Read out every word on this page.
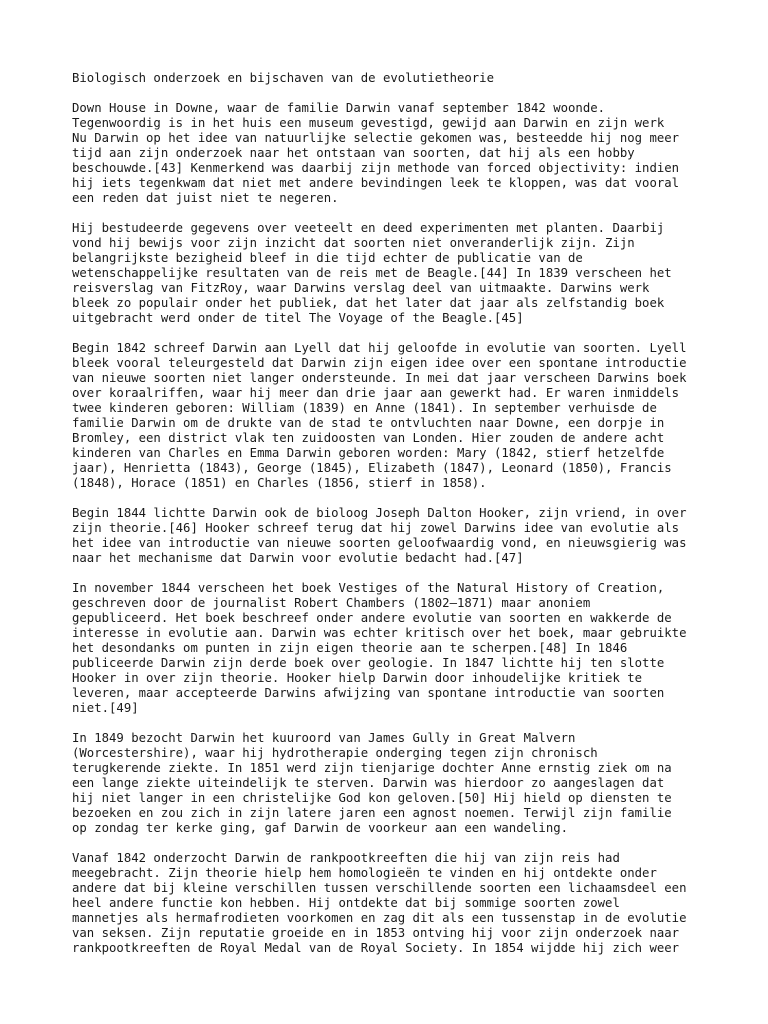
Biologisch onderzoek en bijschaven van de evolutietheorie
Down House in Downe, waar de familie Darwin vanaf september 1842 woonde.
Tegenwoordig is in het huis een museum gevestigd, gewijd aan Darwin en zijn werk
Nu Darwin op het idee van natuurlijke selectie gekomen was, besteedde hij nog meer
tijd aan zijn onderzoek naar het ontstaan van soorten, dat hij als een hobby
beschouwde.[43] Kenmerkend was daarbij zijn methode van forced objectivity: indien
hij iets tegenkwam dat niet met andere bevindingen leek te kloppen, was dat vooral
een reden dat juist niet te negeren.
Hij bestudeerde gegevens over veeteelt en deed experimenten met planten. Daarbij
vond hij bewijs voor zijn inzicht dat soorten niet onveranderlijk zijn. Zijn
belangrijkste bezigheid bleef in die tijd echter de publicatie van de
wetenschappelijke resultaten van de reis met de Beagle.[44] In 1839 verscheen het
reisverslag van FitzRoy, waar Darwins verslag deel van uitmaakte. Darwins werk
bleek zo populair onder het publiek, dat het later dat jaar als zelfstandig boek
uitgebracht werd onder de titel The Voyage of the Beagle.[45]
Begin 1842 schreef Darwin aan Lyell dat hij geloofde in evolutie van soorten. Lyell
bleek vooral teleurgesteld dat Darwin zijn eigen idee over een spontane introductie
van nieuwe soorten niet langer ondersteunde. In mei dat jaar verscheen Darwins boek
over koraalriffen, waar hij meer dan drie jaar aan gewerkt had. Er waren inmiddels
twee kinderen geboren: William (1839) en Anne (1841). In september verhuisde de
familie Darwin om de drukte van de stad te ontvluchten naar Downe, een dorpje in
Bromley, een district vlak ten zuidoosten van Londen. Hier zouden de andere acht
kinderen van Charles en Emma Darwin geboren worden: Mary (1842, stierf hetzelfde
jaar), Henrietta (1843), George (1845), Elizabeth (1847), Leonard (1850), Francis
(1848), Horace (1851) en Charles (1856, stierf in 1858).
Begin 1844 lichtte Darwin ook de bioloog Joseph Dalton Hooker, zijn vriend, in over
zijn theorie.[46] Hooker schreef terug dat hij zowel Darwins idee van evolutie als
het idee van introductie van nieuwe soorten geloofwaardig vond, en nieuwsgierig was
naar het mechanisme dat Darwin voor evolutie bedacht had.[47]
In november 1844 verscheen het boek Vestiges of the Natural History of Creation,
geschreven door de journalist Robert Chambers (1802–1871) maar anoniem
gepubliceerd. Het boek beschreef onder andere evolutie van soorten en wakkerde de
interesse in evolutie aan. Darwin was echter kritisch over het boek, maar gebruikte
het desondanks om punten in zijn eigen theorie aan te scherpen.[48] In 1846
publiceerde Darwin zijn derde boek over geologie. In 1847 lichtte hij ten slotte
Hooker in over zijn theorie. Hooker hielp Darwin door inhoudelijke kritiek te
leveren, maar accepteerde Darwins afwijzing van spontane introductie van soorten
niet.[49]
In 1849 bezocht Darwin het kuuroord van James Gully in Great Malvern
(Worcestershire), waar hij hydrotherapie onderging tegen zijn chronisch
terugkerende ziekte. In 1851 werd zijn tienjarige dochter Anne ernstig ziek om na
een lange ziekte uiteindelijk te sterven. Darwin was hierdoor zo aangeslagen dat
hij niet langer in een christelijke God kon geloven.[50] Hij hield op diensten te
bezoeken en zou zich in zijn latere jaren een agnost noemen. Terwijl zijn familie
op zondag ter kerke ging, gaf Darwin de voorkeur aan een wandeling.
Vanaf 1842 onderzocht Darwin de rankpootkreeften die hij van zijn reis had
meegebracht. Zijn theorie hielp hem homologieën te vinden en hij ontdekte onder
andere dat bij kleine verschillen tussen verschillende soorten een lichaamsdeel een
heel andere functie kon hebben. Hij ontdekte dat bij sommige soorten zowel
mannetjes als hermafrodieten voorkomen en zag dit als een tussenstap in de evolutie
van seksen. Zijn reputatie groeide en in 1853 ontving hij voor zijn onderzoek naar
rankpootkreeften de Royal Medal van de Royal Society. In 1854 wijdde hij zich weer
